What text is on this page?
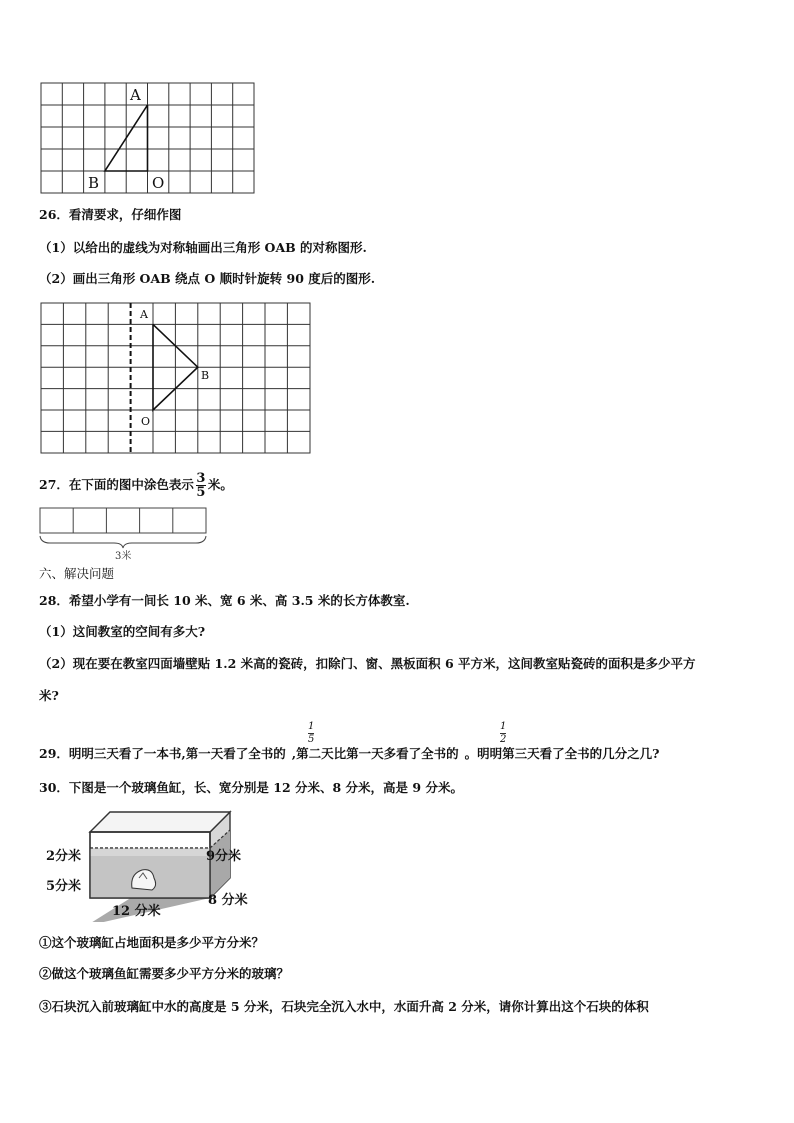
A
B	O
26．看清要求，仔细作图
（1）以给出的虚线为对称轴画出三角形 OAB 的对称图形.
（2）画出三角形 OAB 绕点 O 顺时针旋转 90 度后的图形.
A
B
O
27．在下面的图中涂色表示 $\frac{3}{5}$ 米。
3米
六、解决问题
28．希望小学有一间长 10 米、宽 6 米、高 3.5 米的长方体教室.
（1）这间教室的空间有多大?
（2）现在要在教室四面墙壁贴 1.2 米高的瓷砖，扣除门、窗、黑板面积 6 平方米，这间教室贴瓷砖的面积是多少平方
米?
29．明明三天看了一本书,第一天看了全书的 ,第二天比第一天多看了全书的 。明明第三天看了全书的几分之几?
1
5
1
2
30．下图是一个玻璃鱼缸，长、宽分别是 12 分米、8 分米，高是 9 分米。
2分米
5分米
9分米
12 分米
8 分米
①这个玻璃缸占地面积是多少平方分米？
②做这个玻璃鱼缸需要多少平方分米的玻璃？
③石块沉入前玻璃缸中水的高度是 5 分米，石块完全沉入水中，水面升高 2 分米，请你计算出这个石块的体积
